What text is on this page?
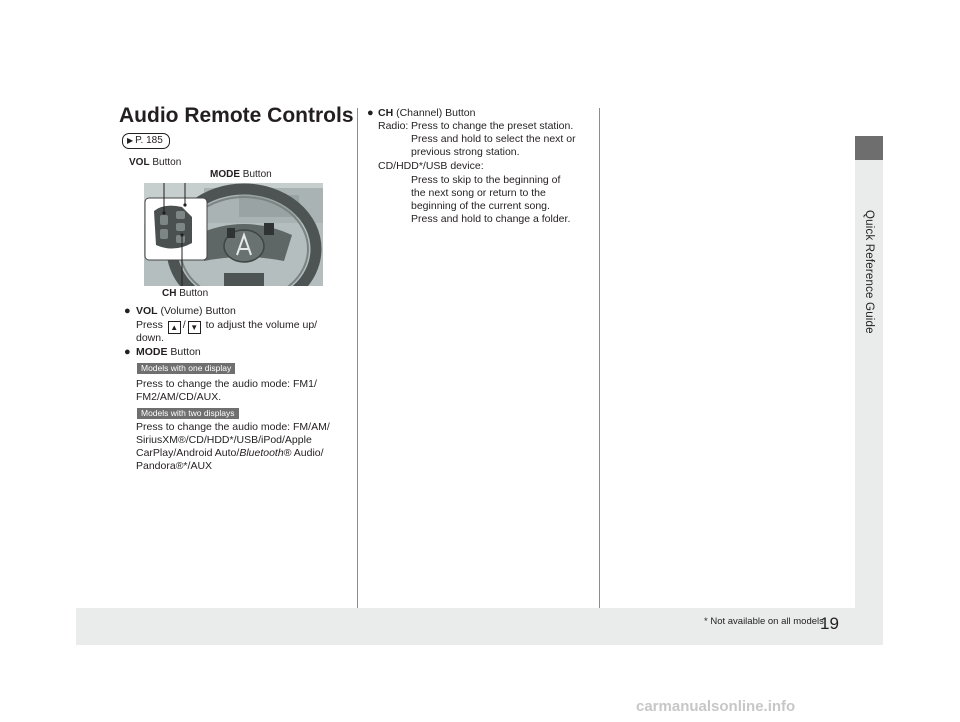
Quick Reference Guide
19
* Not available on all models
carmanualsonline.info
Audio Remote Controls
▶ P. 185
VOL Button
MODE Button
CH Button
● VOL (Volume) Button
Press ▲ / ▼ to adjust the volume up/
down.
● MODE Button
Models with one display
Press to change the audio mode: FM1/
FM2/AM/CD/AUX.
Models with two displays
Press to change the audio mode: FM/AM/
SiriusXM®/CD/HDD*/USB/iPod/Apple
CarPlay/Android Auto/Bluetooth® Audio/
Pandora®*/AUX
● CH (Channel) Button
Radio: Press to change the preset station.
Press and hold to select the next or
previous strong station.
CD/HDD*/USB device:
Press to skip to the beginning of
the next song or return to the
beginning of the current song.
Press and hold to change a folder.
